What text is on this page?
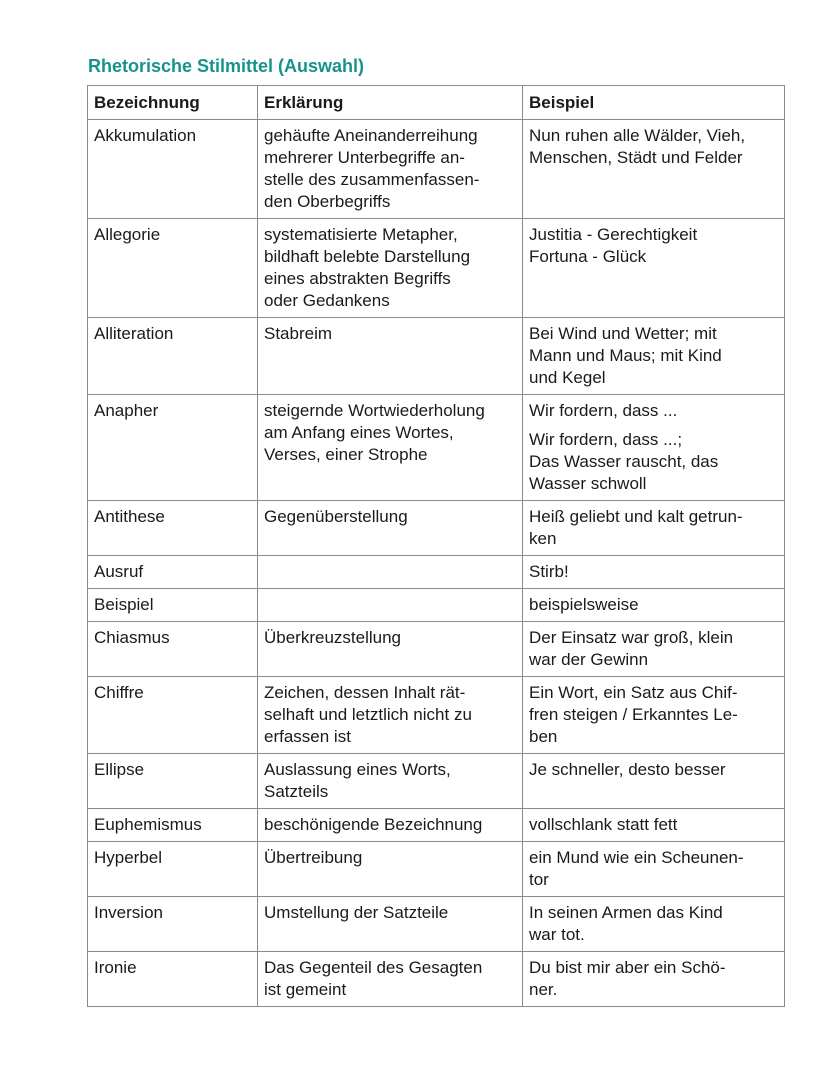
Rhetorische Stilmittel (Auswahl)
Bezeichnung	Erklärung	Beispiel
Akkumulation	gehäufte Aneinanderreihung
mehrerer Unterbegriffe an-
stelle des zusammenfassen-
den Oberbegriffs	Nun ruhen alle Wälder, Vieh,
Menschen, Städt und Felder

Allegorie	systematisierte Metapher,
bildhaft belebte Darstellung
eines abstrakten Begriffs
oder Gedankens	Justitia - Gerechtigkeit
Fortuna - Glück

Alliteration	Stabreim	Bei Wind und Wetter; mit
Mann und Maus; mit Kind
und Kegel

Anapher	steigernde Wortwiederholung
am Anfang eines Wortes,
Verses, einer Strophe	Wir fordern, dass ...
Wir fordern, dass ...;
Das Wasser rauscht, das
Wasser schwoll

Antithese	Gegenüberstellung	Heiß geliebt und kalt getrun-
ken

Ausruf		Stirb!

Beispiel		beispielsweise

Chiasmus	Überkreuzstellung	Der Einsatz war groß, klein
war der Gewinn

Chiffre	Zeichen, dessen Inhalt rät-
selhaft und letztlich nicht zu
erfassen ist	Ein Wort, ein Satz aus Chif-
fren steigen / Erkanntes Le-
ben

Ellipse	Auslassung eines Worts,
Satzteils	Je schneller, desto besser

Euphemismus	beschönigende Bezeichnung	vollschlank statt fett

Hyperbel	Übertreibung	ein Mund wie ein Scheunen-
tor

Inversion	Umstellung der Satzteile	In seinen Armen das Kind
war tot.

Ironie	Das Gegenteil des Gesagten
ist gemeint	Du bist mir aber ein Schö-
ner.
